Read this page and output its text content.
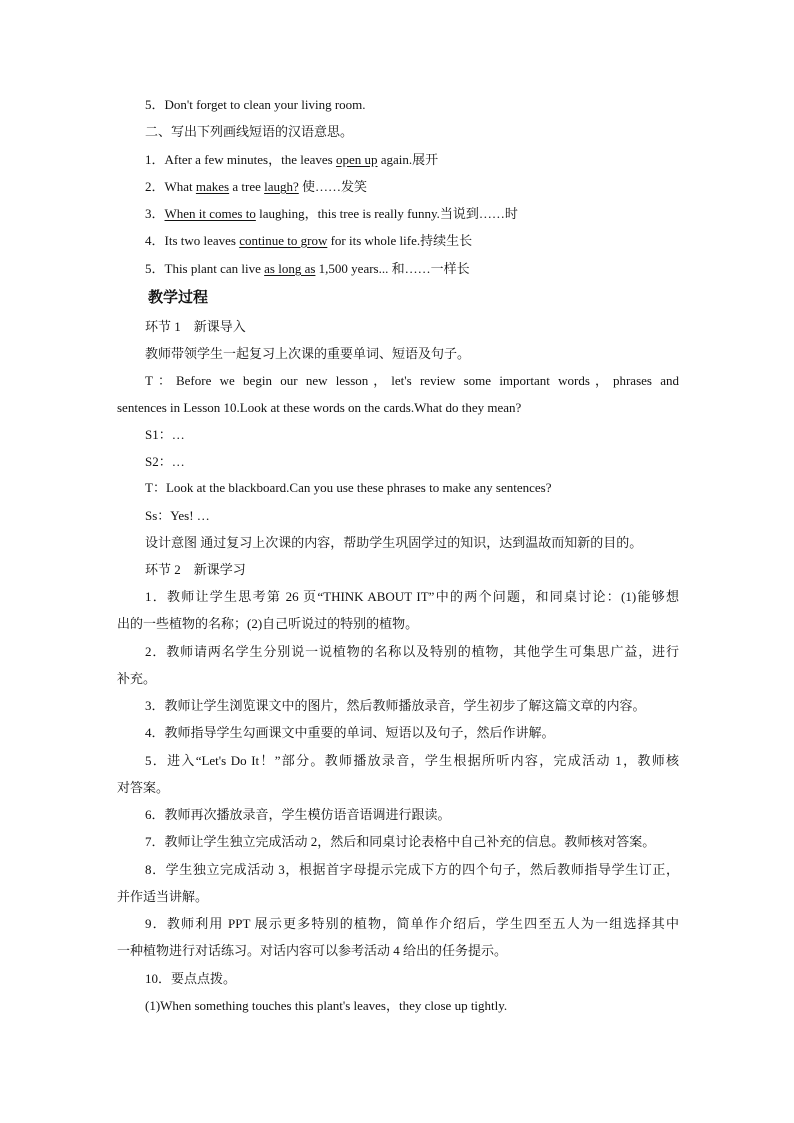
5．Don't forget to clean your living room.
二、写出下列画线短语的汉语意思。
1．After a few minutes，the leaves open up again.展开
2．What makes a tree laugh? 使……发笑
3．When it comes to laughing，this tree is really funny.当说到……时
4．Its two leaves continue to grow for its whole life.持续生长
5．This plant can live as long as 1,500 years... 和……一样长
教学过程
环节 1　新课导入
教师带领学生一起复习上次课的重要单词、短语及句子。
T：Before we begin our new lesson，let's review some important words，phrases and
sentences in Lesson 10.Look at these words on the cards.What do they mean?
S1：…
S2：…
T：Look at the blackboard.Can you use these phrases to make any sentences?
Ss：Yes! …
设计意图 通过复习上次课的内容，帮助学生巩固学过的知识，达到温故而知新的目的。
环节 2　新课学习
1．教师让学生思考第 26 页“THINK ABOUT IT”中的两个问题，和同桌讨论：(1)能够想
出的一些植物的名称；(2)自己听说过的特别的植物。
2．教师请两名学生分别说一说植物的名称以及特别的植物，其他学生可集思广益，进行
补充。
3．教师让学生浏览课文中的图片，然后教师播放录音，学生初步了解这篇文章的内容。
4．教师指导学生勾画课文中重要的单词、短语以及句子，然后作讲解。
5．进入“Let's Do It！”部分。教师播放录音，学生根据所听内容，完成活动 1，教师核
对答案。
6．教师再次播放录音，学生模仿语音语调进行跟读。
7．教师让学生独立完成活动 2，然后和同桌讨论表格中自己补充的信息。教师核对答案。
8．学生独立完成活动 3，根据首字母提示完成下方的四个句子，然后教师指导学生订正，
并作适当讲解。
9．教师利用 PPT 展示更多特别的植物，简单作介绍后，学生四至五人为一组选择其中
一种植物进行对话练习。对话内容可以参考活动 4 给出的任务提示。
10．要点点拨。
(1)When something touches this plant's leaves，they close up tightly.
